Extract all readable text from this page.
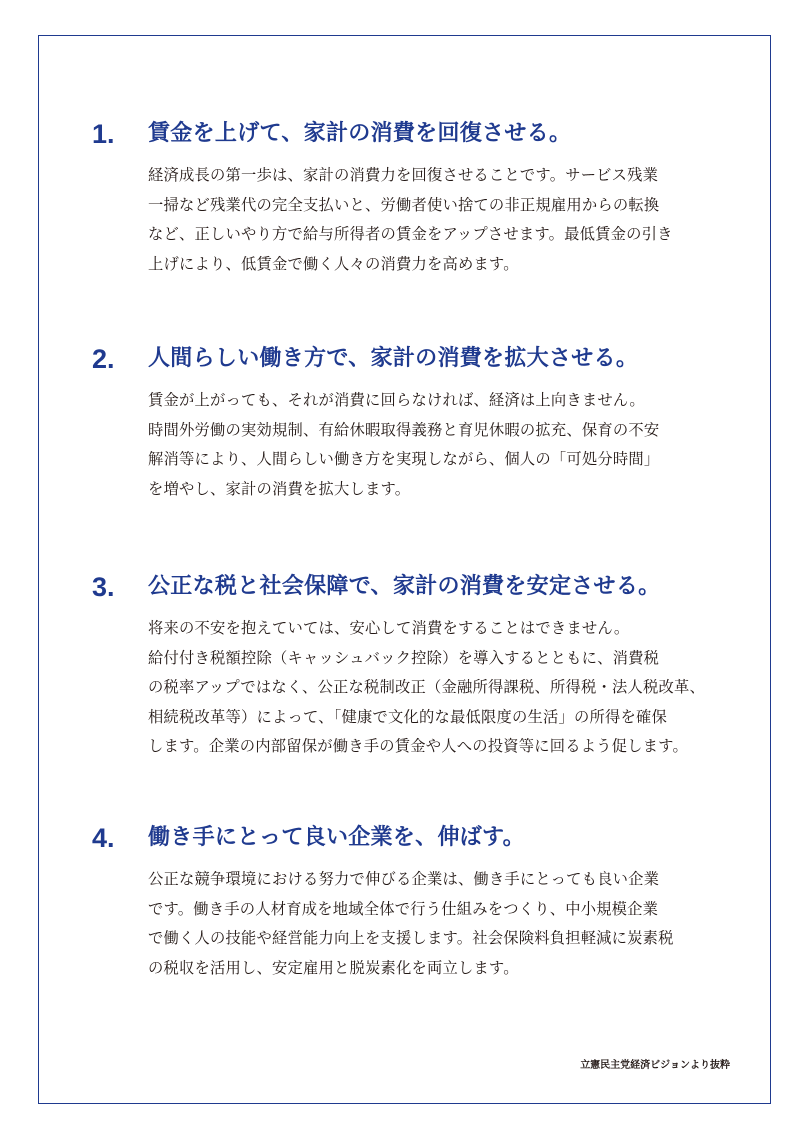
1. 賃金を上げて、家計の消費を回復させる。
経済成長の第一歩は、家計の消費力を回復させることです。サービス残業
一掃など残業代の完全支払いと、労働者使い捨ての非正規雇用からの転換
など、正しいやり方で給与所得者の賃金をアップさせます。最低賃金の引き
上げにより、低賃金で働く人々の消費力を高めます。
2. 人間らしい働き方で、家計の消費を拡大させる。
賃金が上がっても、それが消費に回らなければ、経済は上向きません。
時間外労働の実効規制、有給休暇取得義務と育児休暇の拡充、保育の不安
解消等により、人間らしい働き方を実現しながら、個人の「可処分時間」
を増やし、家計の消費を拡大します。
3. 公正な税と社会保障で、家計の消費を安定させる。
将来の不安を抱えていては、安心して消費をすることはできません。
給付付き税額控除（キャッシュバック控除）を導入するとともに、消費税
の税率アップではなく、公正な税制改正（金融所得課税、所得税・法人税改革、
相続税改革等）によって、「健康で文化的な最低限度の生活」の所得を確保
します。企業の内部留保が働き手の賃金や人への投資等に回るよう促します。
4. 働き手にとって良い企業を、伸ばす。
公正な競争環境における努力で伸びる企業は、働き手にとっても良い企業
です。働き手の人材育成を地域全体で行う仕組みをつくり、中小規模企業
で働く人の技能や経営能力向上を支援します。社会保険料負担軽減に炭素税
の税収を活用し、安定雇用と脱炭素化を両立します。
立憲民主党経済ビジョンより抜粋
